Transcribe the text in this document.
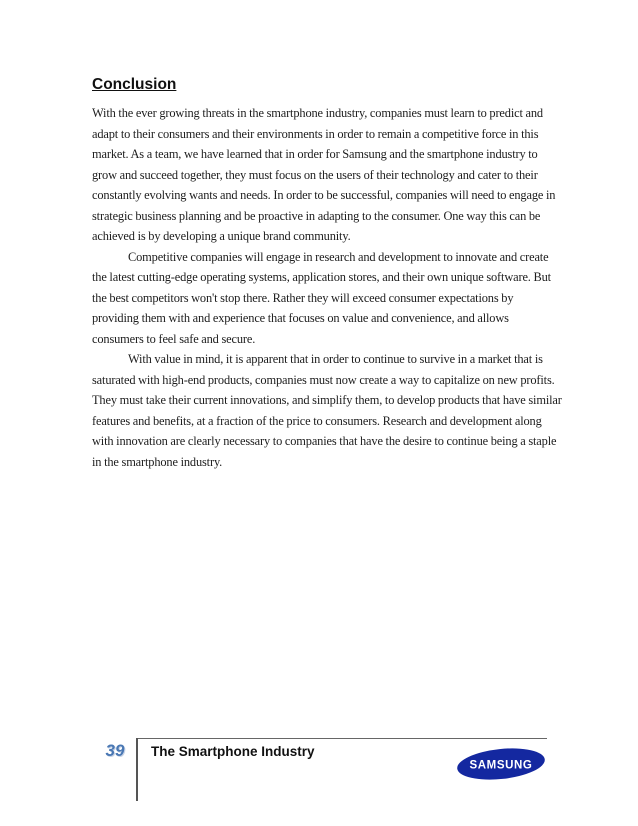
Conclusion

With the ever growing threats in the smartphone industry, companies must learn to predict and adapt to their consumers and their environments in order to remain a competitive force in this market. As a team, we have learned that in order for Samsung and the smartphone industry to grow and succeed together, they must focus on the users of their technology and cater to their constantly evolving wants and needs. In order to be successful, companies will need to engage in strategic business planning and be proactive in adapting to the consumer. One way this can be achieved is by developing a unique brand community.

Competitive companies will engage in research and development to innovate and create the latest cutting-edge operating systems, application stores, and their own unique software. But the best competitors won't stop there. Rather they will exceed consumer expectations by providing them with and experience that focuses on value and convenience, and allows consumers to feel safe and secure.

With value in mind, it is apparent that in order to continue to survive in a market that is saturated with high-end products, companies must now create a way to capitalize on new profits. They must take their current innovations, and simplify them, to develop products that have similar features and benefits, at a fraction of the price to consumers. Research and development along with innovation are clearly necessary to companies that have the desire to continue being a staple in the smartphone industry.

39	The Smartphone Industry
SAMSUNG
